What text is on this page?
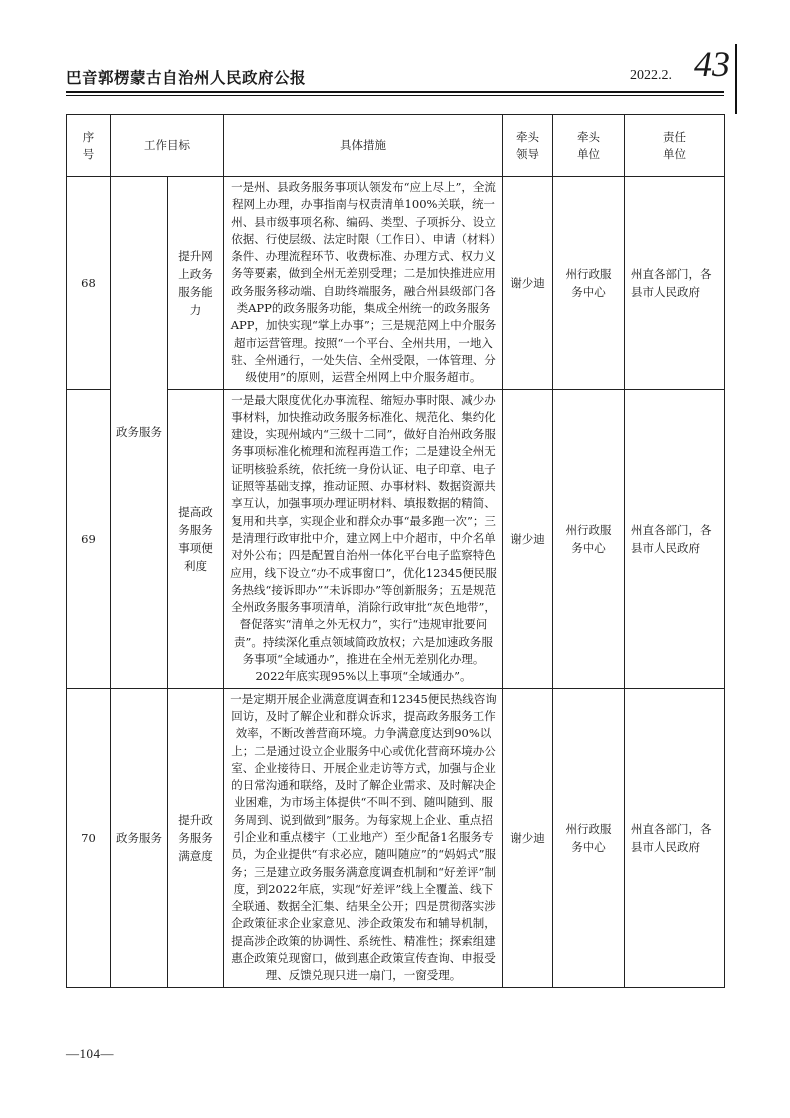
巴音郭楞蒙古自治州人民政府公报	2022.2. 43
序号	工作目标		具体措施	牵头领导	牵头单位	责任单位

68	政务服务	提升网上政务服务能力	一是州、县政务服务事项认领发布“应上尽上”，全流程网上办理，办事指南与权责清单100%关联，统一州、县市级事项名称、编码、类型、子项拆分、设立依据、行使层级、法定时限（工作日）、申请（材料）条件、办理流程环节、收费标准、办理方式、权力义务等要素，做到全州无差别受理；二是加快推进应用政务服务移动端、自助终端服务，融合州县级部门各类APP的政务服务功能，集成全州统一的政务服务APP，加快实现“掌上办事”；三是规范网上中介服务超市运营管理。按照“一个平台、全州共用，一地入驻、全州通行，一处失信、全州受限，一体管理、分级使用”的原则，运营全州网上中介服务超市。	谢少迪	州行政服务中心	州直各部门，各县市人民政府
69		提高政务服务事项便利度	一是最大限度优化办事流程、缩短办事时限、减少办事材料，加快推动政务服务标准化、规范化、集约化建设，实现州域内“三级十二同”，做好自治州政务服务事项标准化梳理和流程再造工作；二是建设全州无证明核验系统，依托统一身份认证、电子印章、电子证照等基础支撑，推动证照、办事材料、数据资源共享互认，加强事项办理证明材料、填报数据的精简、复用和共享，实现企业和群众办事“最多跑一次”；三是清理行政审批中介，建立网上中介超市，中介名单对外公布；四是配置自治州一体化平台电子监察特色应用，线下设立“办不成事窗口”，优化12345便民服务热线“接诉即办”“未诉即办”等创新服务；五是规范全州政务服务事项清单，消除行政审批“灰色地带”，督促落实“清单之外无权力”，实行“违规审批要问责”。持续深化重点领域简政放权；六是加速政务服务事项“全域通办”，推进在全州无差别化办理。2022年底实现95%以上事项“全域通办”。	谢少迪	州行政服务中心	州直各部门，各县市人民政府
70	政务服务	提升政务服务满意度	一是定期开展企业满意度调查和12345便民热线咨询回访，及时了解企业和群众诉求，提高政务服务工作效率，不断改善营商环境。力争满意度达到90%以上；二是通过设立企业服务中心或优化营商环境办公室、企业接待日、开展企业走访等方式，加强与企业的日常沟通和联络，及时了解企业需求、及时解决企业困难，为市场主体提供“不叫不到、随叫随到、服务周到、说到做到”服务。为每家规上企业、重点招引企业和重点楼宇（工业地产）至少配备1名服务专员，为企业提供“有求必应，随叫随应”的“妈妈式”服务；三是建立政务服务满意度调查机制和“好差评”制度，到2022年底，实现“好差评”线上全覆盖、线下全联通、数据全汇集、结果全公开；四是贯彻落实涉企政策征求企业家意见、涉企政策发布和辅导机制，提高涉企政策的协调性、系统性、精准性；探索组建惠企政策兑现窗口，做到惠企政策宣传查询、申报受理、反馈兑现只进一扇门，一窗受理。	谢少迪	州行政服务中心	州直各部门，各县市人民政府
—104—
